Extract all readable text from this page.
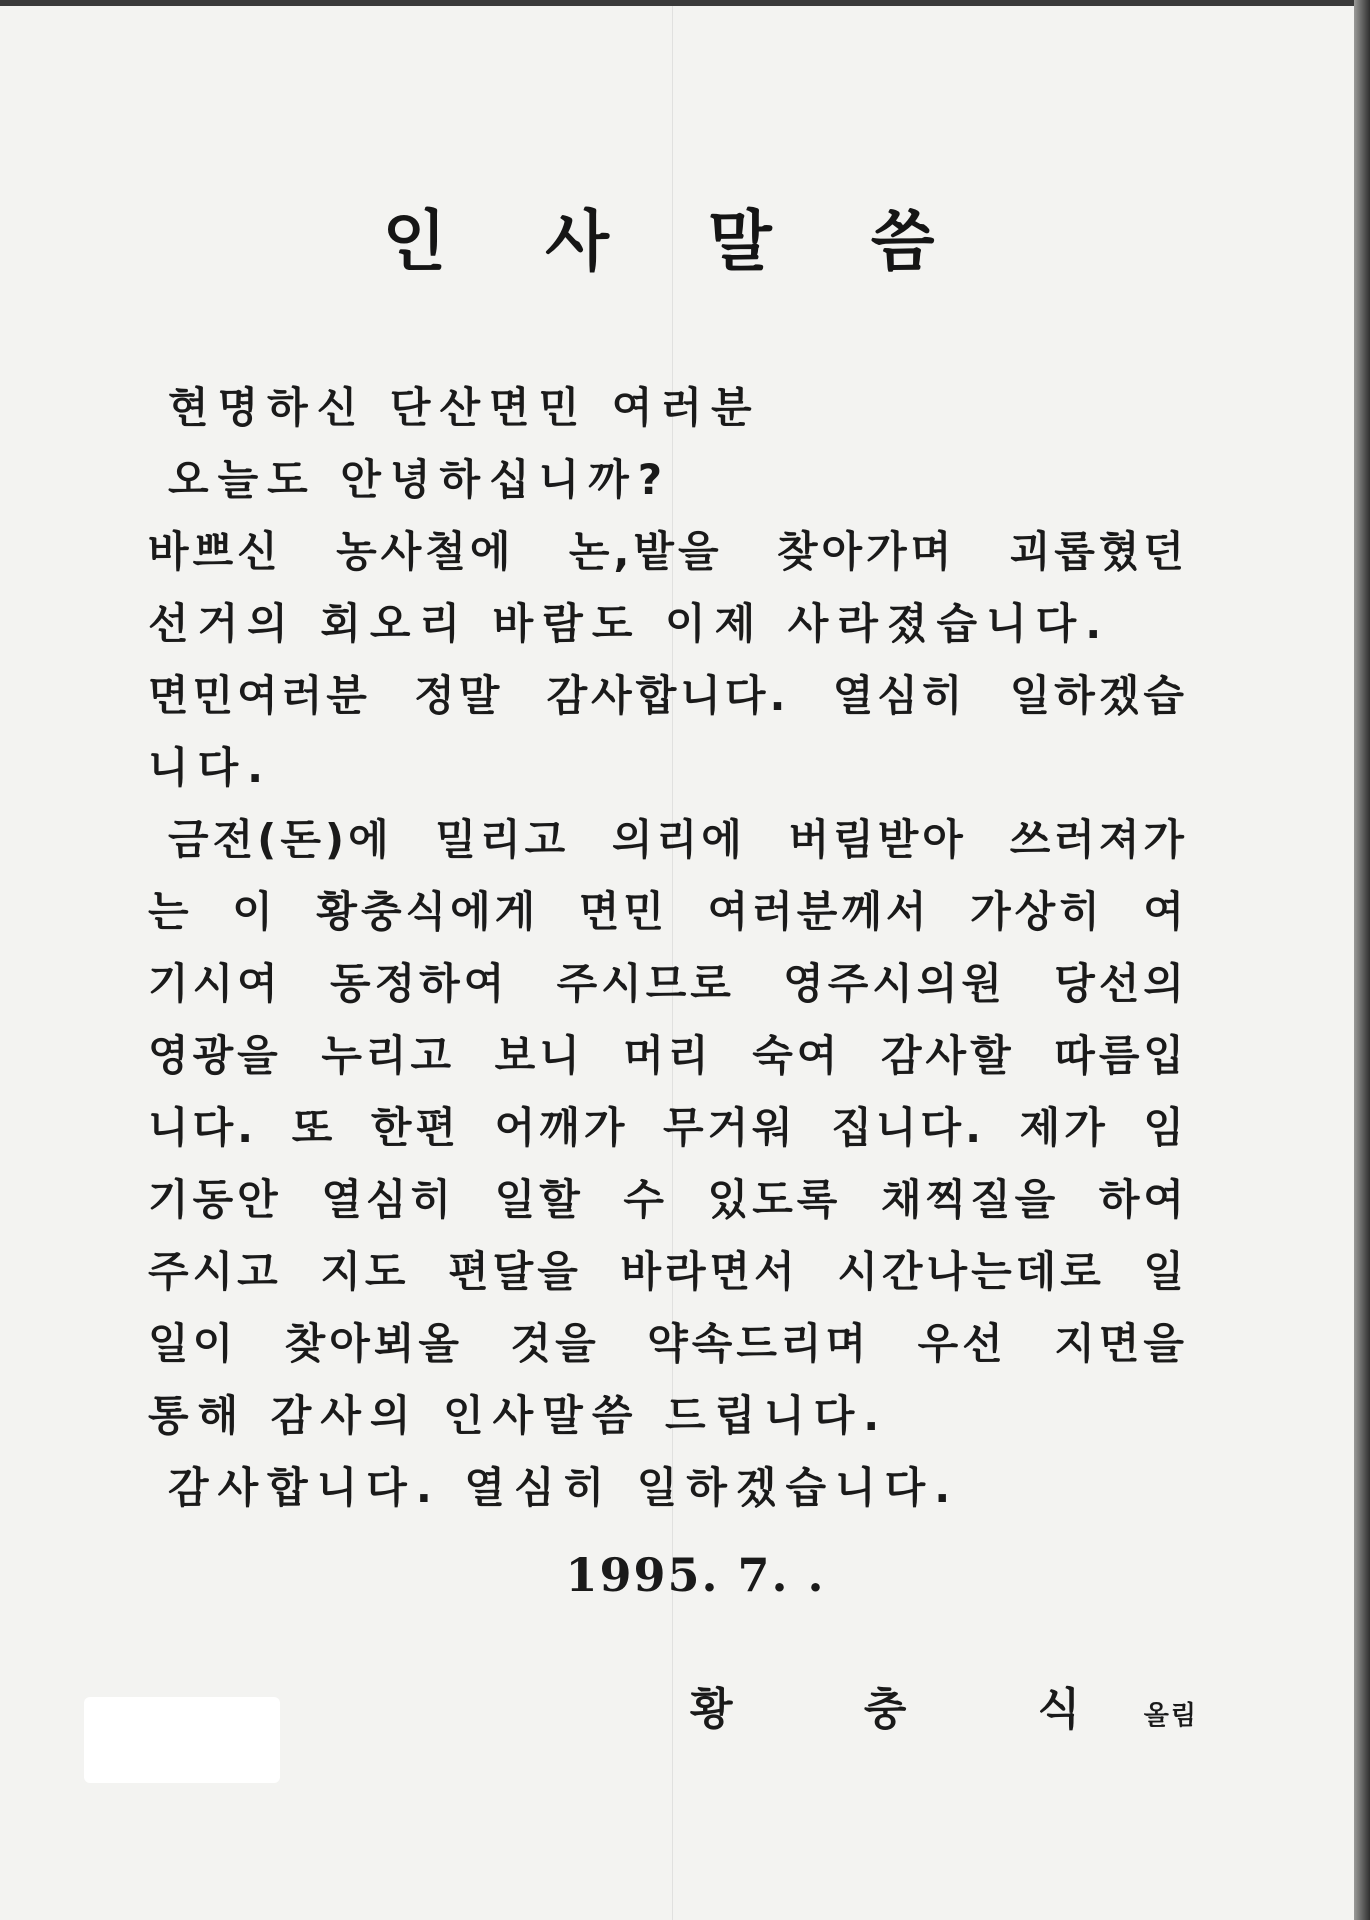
인 사 말 씀
현명하신 단산면민 여러분
오늘도 안녕하십니까?
바쁘신 농사철에 논,밭을 찾아가며 괴롭혔던
선거의 회오리 바람도 이제 사라졌습니다.
면민여러분 정말 감사합니다. 열심히 일하겠습
니다.
금전(돈)에 밀리고 의리에 버림받아 쓰러져가
는 이 황충식에게 면민 여러분께서 가상히 여
기시여 동정하여 주시므로 영주시의원 당선의
영광을 누리고 보니 머리 숙여 감사할 따름입
니다. 또 한편 어깨가 무거워 집니다. 제가 임
기동안 열심히 일할 수 있도록 채찍질을 하여
주시고 지도 편달을 바라면서 시간나는데로 일
일이 찾아뵈올 것을 약속드리며 우선 지면을
통해 감사의 인사말씀 드립니다.
감사합니다. 열심히 일하겠습니다.
1995. 7. .
황 충 식 올림
